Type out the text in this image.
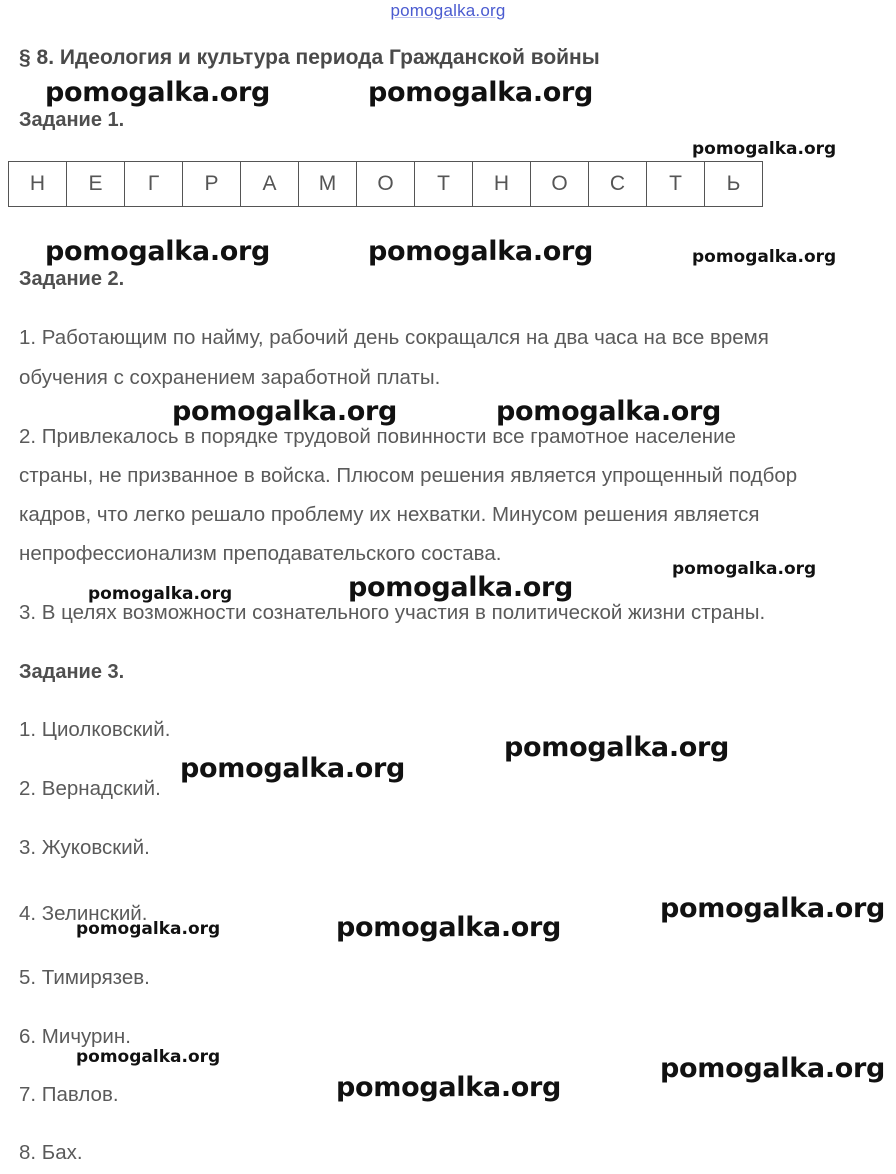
pomogalka.org
§ 8. Идеология и культура периода Гражданской войны
Задание 1.
Н	Е	Г	Р	А	М	О	Т	Н	О	С	Т	Ь
Задание 2.
1. Работающим по найму, рабочий день сокращался на два часа на все время
обучения с сохранением заработной платы.
2. Привлекалось в порядке трудовой повинности все грамотное население
страны, не призванное в войска. Плюсом решения является упрощенный подбор
кадров, что легко решало проблему их нехватки. Минусом решения является
непрофессионализм преподавательского состава.
3. В целях возможности сознательного участия в политической жизни страны.
Задание 3.
1. Циолковский.
2. Вернадский.
3. Жуковский.
4. Зелинский.
5. Тимирязев.
6. Мичурин.
7. Павлов.
8. Бах.
pomogalka.org	pomogalka.org
pomogalka.org
pomogalka.org	pomogalka.org	pomogalka.org
pomogalka.org	pomogalka.org
pomogalka.org	pomogalka.org
pomogalka.org
pomogalka.org
pomogalka.org
pomogalka.org
pomogalka.org	pomogalka.org
pomogalka.org	pomogalka.org
pomogalka.org
